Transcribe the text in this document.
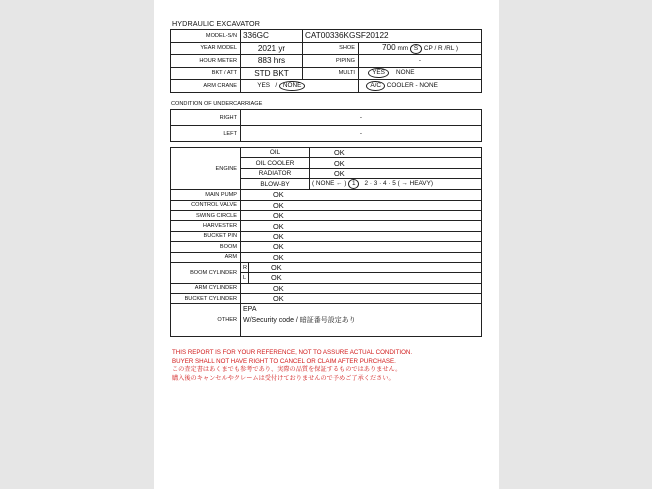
HYDRAULIC EXCAVATOR
MODEL-S/N	336GC	CAT00336KGSF20122	
YEAR MODEL	2021 yr	SHOE	700 mm S CP / R /RL )
HOUR METER	883 hrs	PIPING	-
BKT / ATT	STD BKT	MULTI	YES NONE
ARM CRANE	YES / NONE		A/C COOLER - NONE
CONDITION OF UNDERCARRIAGE
RIGHT	-
LEFT	-
ENGINE	OIL		OK
	OIL COOLER		OK
	RADIATOR		OK
	BLOW-BY		( NONE ← ) 1 2 · 3 · 4 · 5 ( → HEAVY)
MAIN PUMP	OK		
CONTROL VALVE	OK		
SWING CIRCLE	OK		
HARVESTER	OK		
BUCKET PIN	OK		
BOOM	OK		
ARM	OK		
BOOM CYLINDER	R	OK	
	L	OK	
ARM CYLINDER	OK		
BUCKET CYLINDER	OK		
OTHER	EPA
W/Security code / 暗証番号設定あり		
THIS REPORT IS FOR YOUR REFERENCE, NOT TO ASSURE ACTUAL CONDITION.
BUYER SHALL NOT HAVE RIGHT TO CANCEL OR CLAIM AFTER PURCHASE.
この査定書はあくまでも参考であり、実際の品質を保証するものではありません。
購入後のキャンセルやクレームは受付けておりませんので予めご了承ください。
